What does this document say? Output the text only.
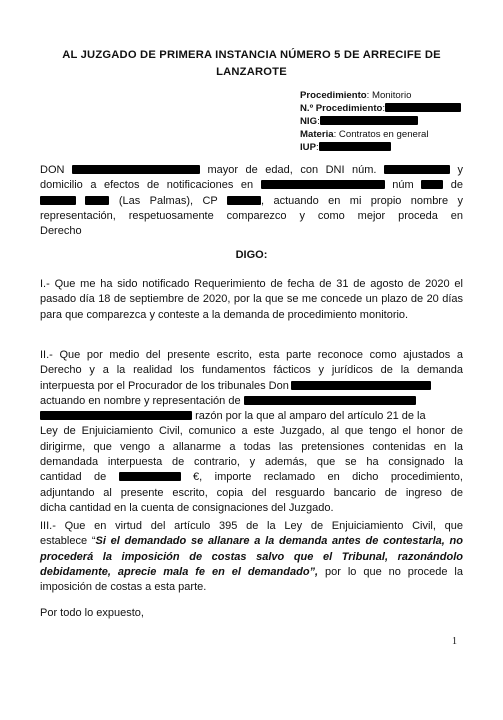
AL JUZGADO DE PRIMERA INSTANCIA NÚMERO 5 DE ARRECIFE DE
LANZAROTE
Procedimiento: Monitorio
N.º Procedimiento:
NIG:
Materia: Contratos en general
IUP:
DON	mayor de edad, con DNI núm.	y
domicilio a efectos de notificaciones en	núm	de
(Las Palmas), CP	, actuando en mi propio nombre y
representación, respetuosamente comparezco y como mejor proceda en
Derecho
DIGO:

I.- Que me ha sido notificado Requerimiento de fecha de 31 de agosto de 2020 el pasado día 18 de septiembre de 2020, por la que se me concede un plazo de 20 días para que comparezca y conteste a la demanda de procedimiento monitorio.

II.- Que por medio del presente escrito, esta parte reconoce como ajustados a
Derecho y a la realidad los fundamentos fácticos y jurídicos de la demanda
interpuesta por el Procurador de los tribunales Don
actuando en nombre y representación de
razón por la que al amparo del artículo 21 de la
Ley de Enjuiciamiento Civil, comunico a este Juzgado, al que tengo el honor de
dirigirme, que vengo a allanarme a todas las pretensiones contenidas en la
demandada interpuesta de contrario, y además, que se ha consignado la
cantidad de	€, importe reclamado en dicho procedimiento,
adjuntando al presente escrito, copia del resguardo bancario de ingreso de
dicha cantidad en la cuenta de consignaciones del Juzgado.
III.- Que en virtud del artículo 395 de la Ley de Enjuiciamiento Civil, que
establece “Si el demandado se allanare a la demanda antes de contestarla, no
procederá la imposición de costas salvo que el Tribunal, razonándolo
debidamente, aprecie mala fe en el demandado”, por lo que no procede la
imposición de costas a esta parte.
Por todo lo expuesto,
1
